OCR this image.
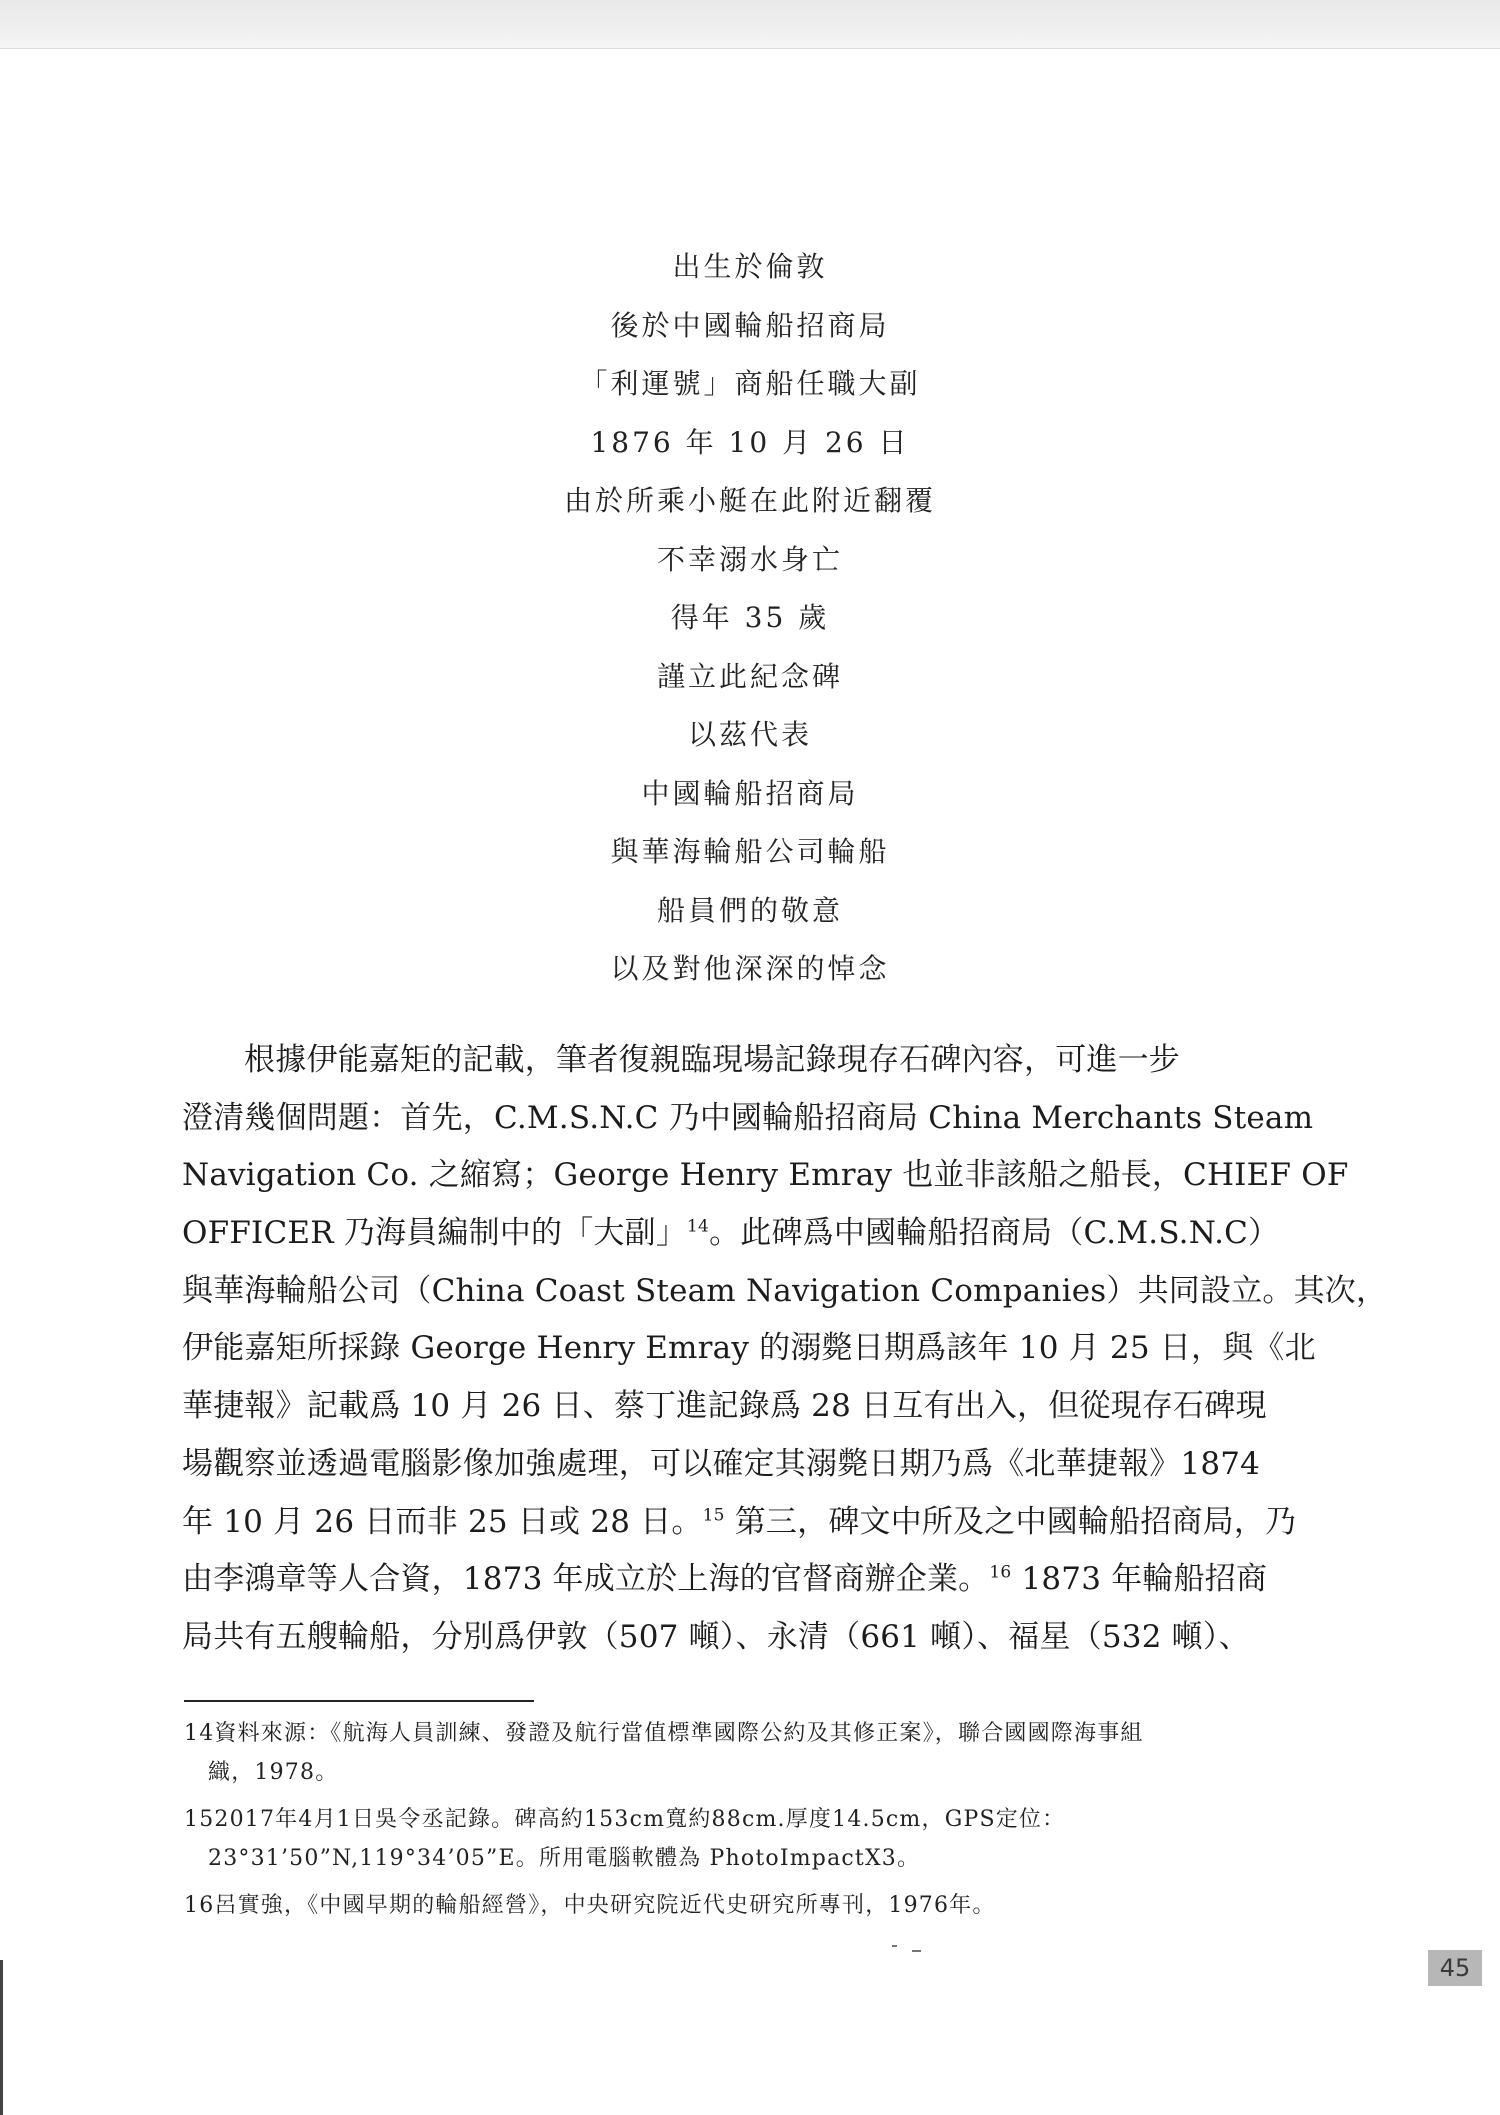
出生於倫敦
後於中國輪船招商局
「利運號」商船任職大副
1876 年 10 月 26 日
由於所乘小艇在此附近翻覆
不幸溺水身亡
得年 35 歲
謹立此紀念碑
以茲代表
中國輪船招商局
與華海輪船公司輪船
船員們的敬意
以及對他深深的悼念
根據伊能嘉矩的記載，筆者復親臨現場記錄現存石碑內容，可進一步
澄清幾個問題：首先，C.M.S.N.C 乃中國輪船招商局 China Merchants Steam
Navigation Co. 之縮寫；George Henry Emray 也並非該船之船長，CHIEF OF
OFFICER 乃海員編制中的「大副」$^{14}$。此碑爲中國輪船招商局（C.M.S.N.C）
與華海輪船公司（China Coast Steam Navigation Companies）共同設立。其次，
伊能嘉矩所採錄 George Henry Emray 的溺斃日期爲該年 10 月 25 日，與《北
華捷報》記載爲 10 月 26 日、蔡丁進記錄爲 28 日互有出入，但從現存石碑現
場觀察並透過電腦影像加強處理，可以確定其溺斃日期乃爲《北華捷報》1874
年 10 月 26 日而非 25 日或 28 日。$^{15}$ 第三，碑文中所及之中國輪船招商局，乃
由李鴻章等人合資，1873 年成立於上海的官督商辦企業。$^{16}$ 1873 年輪船招商
局共有五艘輪船，分別爲伊敦（507 噸）、永清（661 噸）、福星（532 噸）、
14資料來源：《航海人員訓練、發證及航行當值標準國際公約及其修正案》，聯合國國際海事組
織，1978。
152017年4月1日吳令丞記錄。碑高約153cm寬約88cm.厚度14.5cm，GPS定位：
23°31’50”N,119°34’05”E。所用電腦軟體為 PhotoImpactX3。
16呂實強，《中國早期的輪船經營》，中央研究院近代史研究所專刊，1976年。
45
